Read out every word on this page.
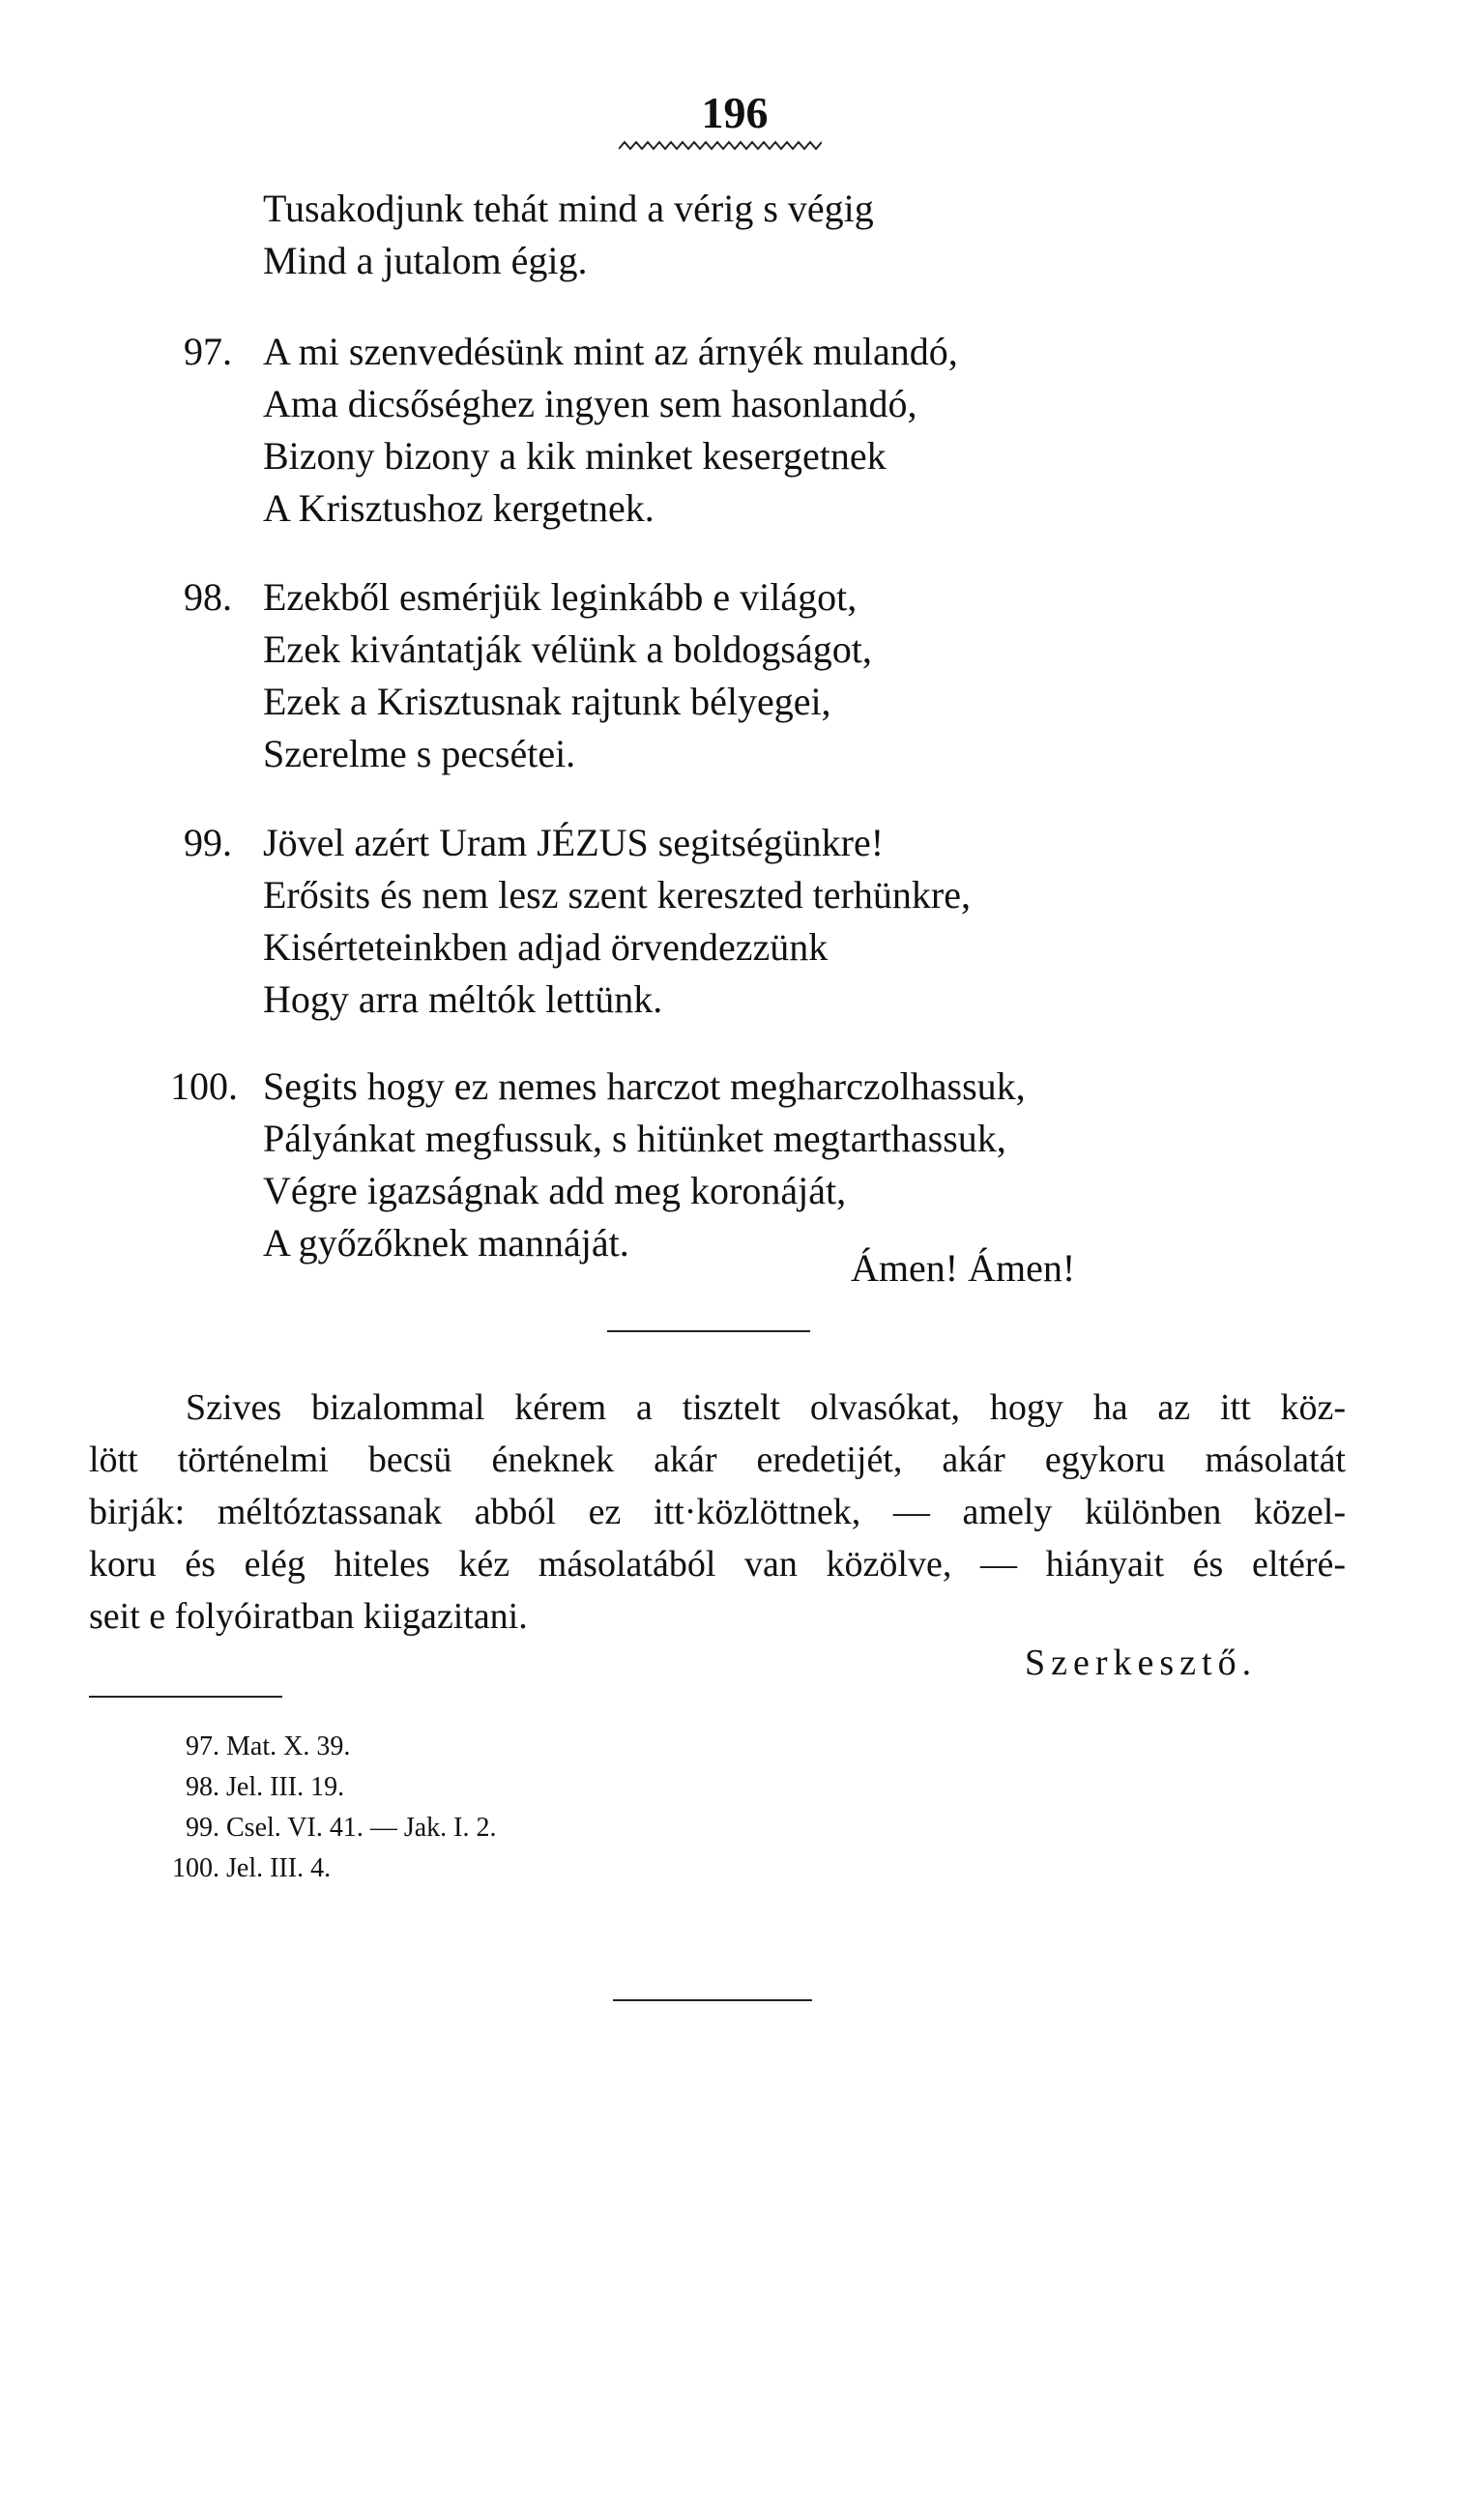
196
Tusakodjunk tehát mind a vérig s végig
Mind a jutalom égig.
97. A mi szenvedésünk mint az árnyék mulandó,
Ama dicsőséghez ingyen sem hasonlandó,
Bizony bizony a kik minket kesergetnek
A Krisztushoz kergetnek.
98. Ezekből esmérjük leginkább e világot,
Ezek kivántatják vélünk a boldogságot,
Ezek a Krisztusnak rajtunk bélyegei,
Szerelme s pecsétei.
99. Jövel azért Uram JÉZUS segitségünkre!
Erősits és nem lesz szent kereszted terhünkre,
Kisérteteinkben adjad örvendezzünk
Hogy arra méltók lettünk.
100. Segits hogy ez nemes harczot megharczolhassuk,
Pályánkat megfussuk, s hitünket megtarthassuk,
Végre igazságnak add meg koronáját,
A győzőknek mannáját.
Ámen! Ámen!
Szives bizalommal kérem a tisztelt olvasókat, hogy ha az itt köz-
lött történelmi becsü éneknek akár eredetijét, akár egykoru másolatát
birják: méltóztassanak abból ez itt·közlöttnek, — amely különben közel-
koru és elég hiteles kéz másolatából van közölve, — hiányait és eltéré-
seit e folyóiratban kiigazitani.
Szerkesztő.
97. Mat. X. 39.
98. Jel. III. 19.
99. Csel. VI. 41. — Jak. I. 2.
100. Jel. III. 4.
